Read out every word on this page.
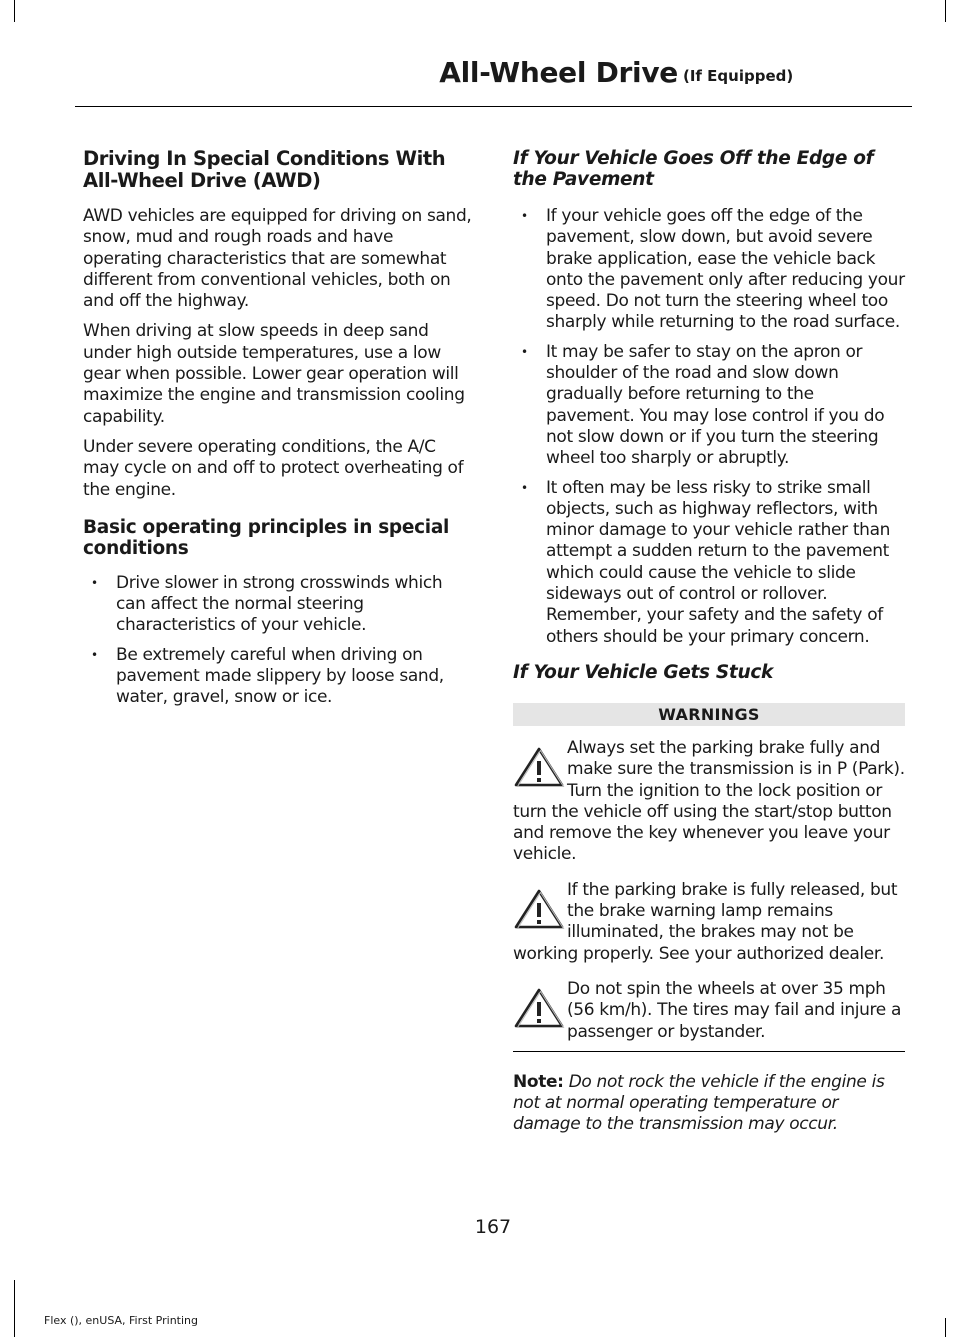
All-Wheel Drive (If Equipped)
Driving In Special Conditions With All-Wheel Drive (AWD)

AWD vehicles are equipped for driving on sand, snow, mud and rough roads and have operating characteristics that are somewhat different from conventional vehicles, both on and off the highway.

When driving at slow speeds in deep sand under high outside temperatures, use a low gear when possible. Lower gear operation will maximize the engine and transmission cooling capability.

Under severe operating conditions, the A/C may cycle on and off to protect overheating of the engine.

Basic operating principles in special conditions
• Drive slower in strong crosswinds which can affect the normal steering characteristics of your vehicle.
• Be extremely careful when driving on pavement made slippery by loose sand, water, gravel, snow or ice.
If Your Vehicle Goes Off the Edge of the Pavement
• If your vehicle goes off the edge of the pavement, slow down, but avoid severe brake application, ease the vehicle back onto the pavement only after reducing your speed. Do not turn the steering wheel too sharply while returning to the road surface.
• It may be safer to stay on the apron or shoulder of the road and slow down gradually before returning to the pavement. You may lose control if you do not slow down or if you turn the steering wheel too sharply or abruptly.
• It often may be less risky to strike small objects, such as highway reflectors, with minor damage to your vehicle rather than attempt a sudden return to the pavement which could cause the vehicle to slide sideways out of control or rollover. Remember, your safety and the safety of others should be your primary concern.
If Your Vehicle Gets Stuck
WARNINGS
Always set the parking brake fully and make sure the transmission is in P (Park). Turn the ignition to the lock position or turn the vehicle off using the start/stop button and remove the key whenever you leave your vehicle.
If the parking brake is fully released, but the brake warning lamp remains illuminated, the brakes may not be working properly. See your authorized dealer.
Do not spin the wheels at over 35 mph (56 km/h). The tires may fail and injure a passenger or bystander.
Note: Do not rock the vehicle if the engine is not at normal operating temperature or damage to the transmission may occur.
167
Flex (), enUSA, First Printing
